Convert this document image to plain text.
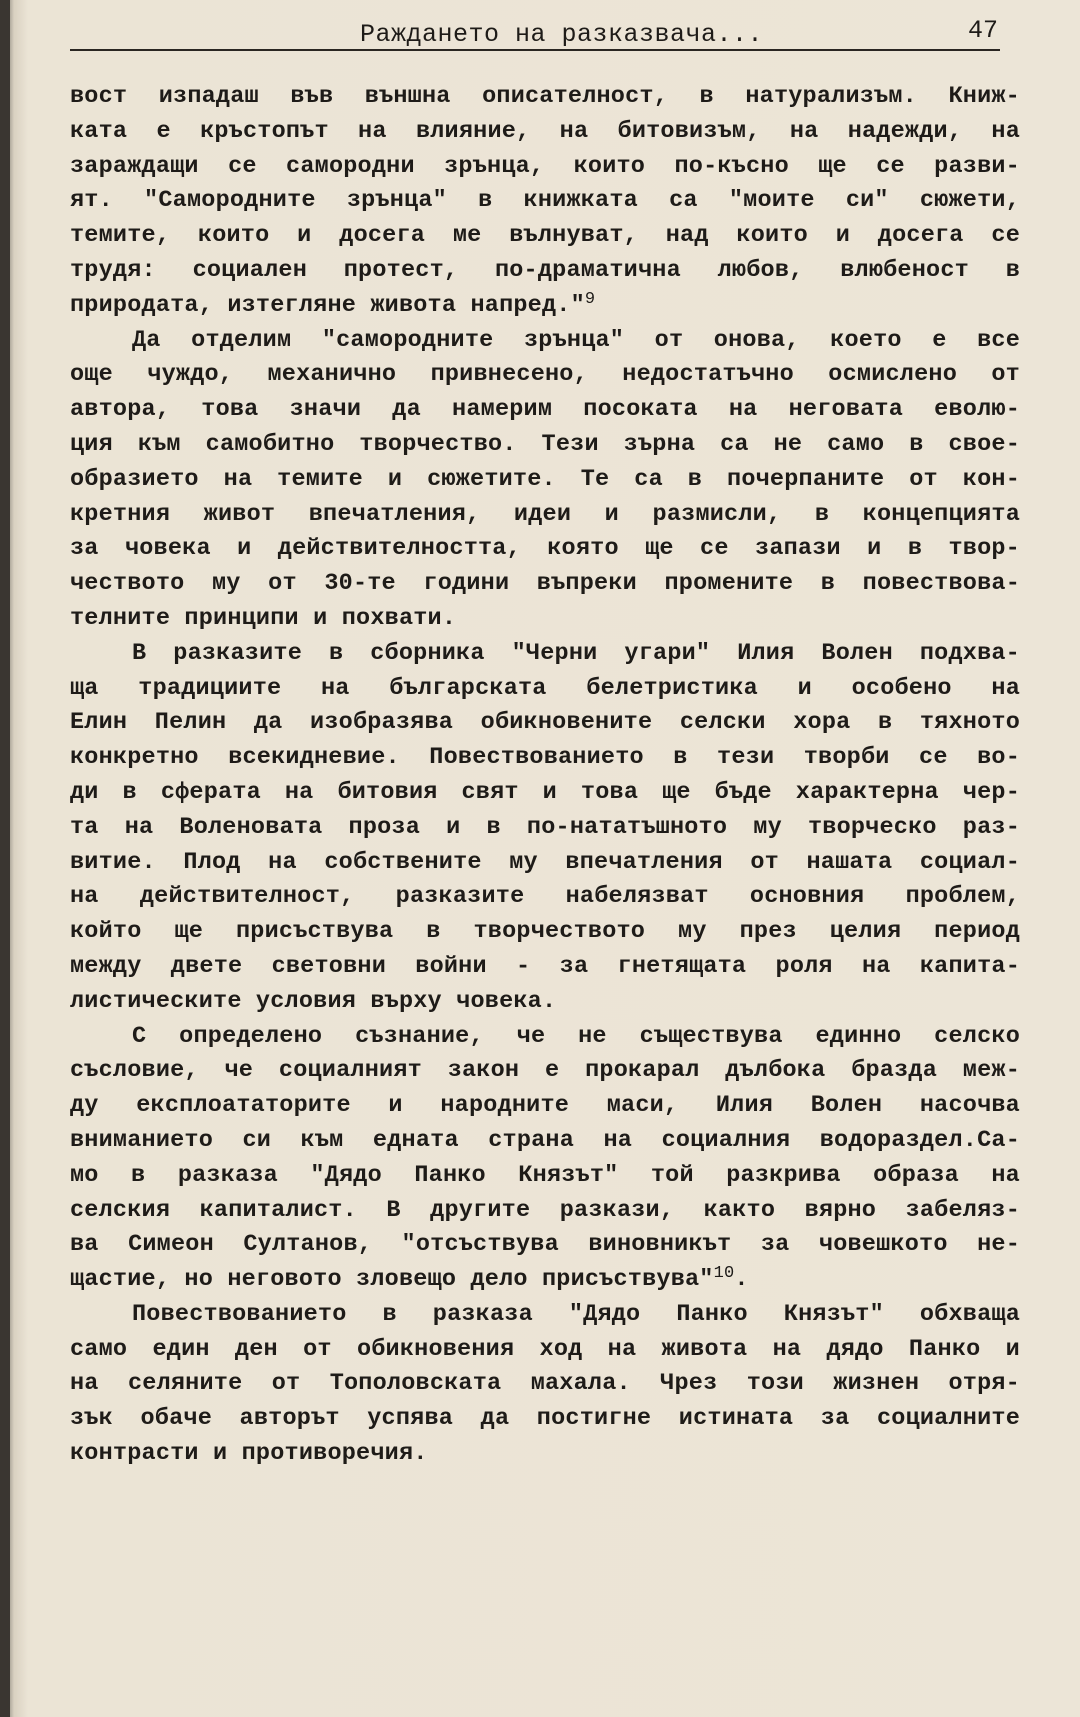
Раждането на разказвача...	47
вост изпадаш във външна описателност, в натурализъм. Книж-
ката е кръстопът на влияние, на битовизъм, на надежди, на
зараждащи се самородни зрънца, които по-късно ще се разви-
ят. "Самородните зрънца" в книжката са "моите си" сюжети,
темите, които и досега ме вълнуват, над които и досега се
трудя: социален протест, по-драматична любов, влюбеност в
природата, изтегляне живота напред."$^9$
Да отделим "самородните зрънца" от онова, което е все
още чуждо, механично привнесено, недостатъчно осмислено от
автора, това значи да намерим посоката на неговата еволю-
ция към самобитно творчество. Тези зърна са не само в свое-
образието на темите и сюжетите. Те са в почерпаните от кон-
кретния живот впечатления, идеи и размисли, в концепцията
за човека и действителността, която ще се запази и в твор-
чеството му от 30-те години въпреки промените в повествова-
телните принципи и похвати.
В разказите в сборника "Черни угари" Илия Волен подхва-
ща традициите на българската белетристика и особено на
Елин Пелин да изобразява обикновените селски хора в тяхното
конкретно всекидневие. Повествованието в тези творби се во-
ди в сферата на битовия свят и това ще бъде характерна чер-
та на Воленовата проза и в по-нататъшното му творческо раз-
витие. Плод на собствените му впечатления от нашата социал-
на действителност, разказите набелязват основния проблем,
който ще присъствува в творчеството му през целия период
между двете световни войни - за гнетящата роля на капита-
листическите условия върху човека.
С определено съзнание, че не съществува единно селско
съсловие, че социалният закон е прокарал дълбока бразда меж-
ду експлоататорите и народните маси, Илия Волен насочва
вниманието си към едната страна на социалния водораздел.Са-
мо в разказа "Дядо Панко Князът" той разкрива образа на
селския капиталист. В другите разкази, както вярно забеляз-
ва Симеон Султанов, "отсъствува виновникът за човешкото не-
щастие, но неговото зловещо дело присъствува"$^{10}$.
Повествованието в разказа "Дядо Панко Князът" обхваща
само един ден от обикновения ход на живота на дядо Панко и
на селяните от Тополовската махала. Чрез този жизнен отря-
зък обаче авторът успява да постигне истината за социалните
контрасти и противоречия.
